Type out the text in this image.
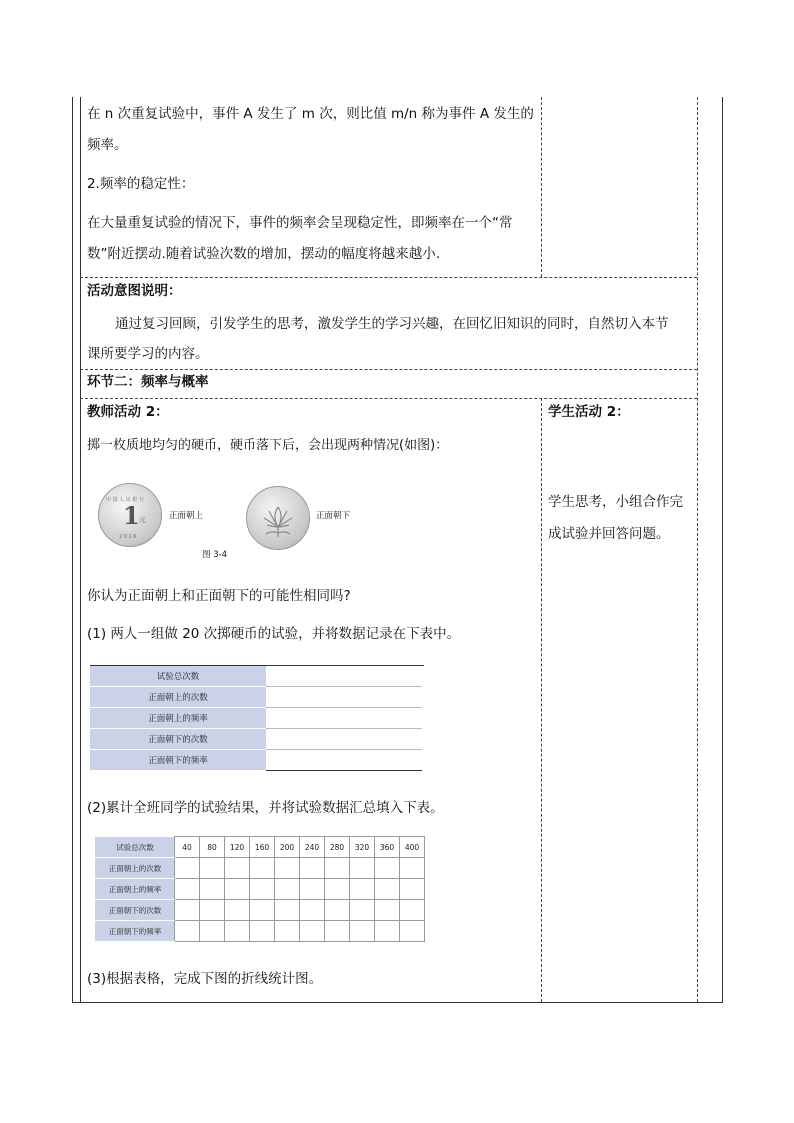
在 n 次重复试验中，事件 A 发生了 m 次，则比值 m/n 称为事件 A 发生的
频率。
2.频率的稳定性：
在大量重复试验的情况下，事件的频率会呈现稳定性，即频率在一个“常
数”附近摆动.随着试验次数的增加，摆动的幅度将越来越小.
活动意图说明：
通过复习回顾，引发学生的思考，激发学生的学习兴趣，在回忆旧知识的同时，自然切入本节
课所要学习的内容。
环节二：频率与概率
教师活动 2：
掷一枚质地均匀的硬币，硬币落下后，会出现两种情况(如图)：
中 国 人 民 银 行
1 元
2 0 1 6
正面朝上	正面朝下
图 3-4
你认为正面朝上和正面朝下的可能性相同吗?
(1) 两人一组做 20 次掷硬币的试验，并将数据记录在下表中。
试验总次数	
正面朝上的次数	
正面朝上的频率	
正面朝下的次数	
正面朝下的频率	
(2)累计全班同学的试验结果，并将试验数据汇总填入下表。
试验总次数	40	80	120	160	200	240	280	320	360	400
正面朝上的次数										
正面朝上的频率										
正面朝下的次数										
正面朝下的频率										
(3)根据表格，完成下图的折线统计图。
学生活动 2：
学生思考，小组合作完
成试验并回答问题。
